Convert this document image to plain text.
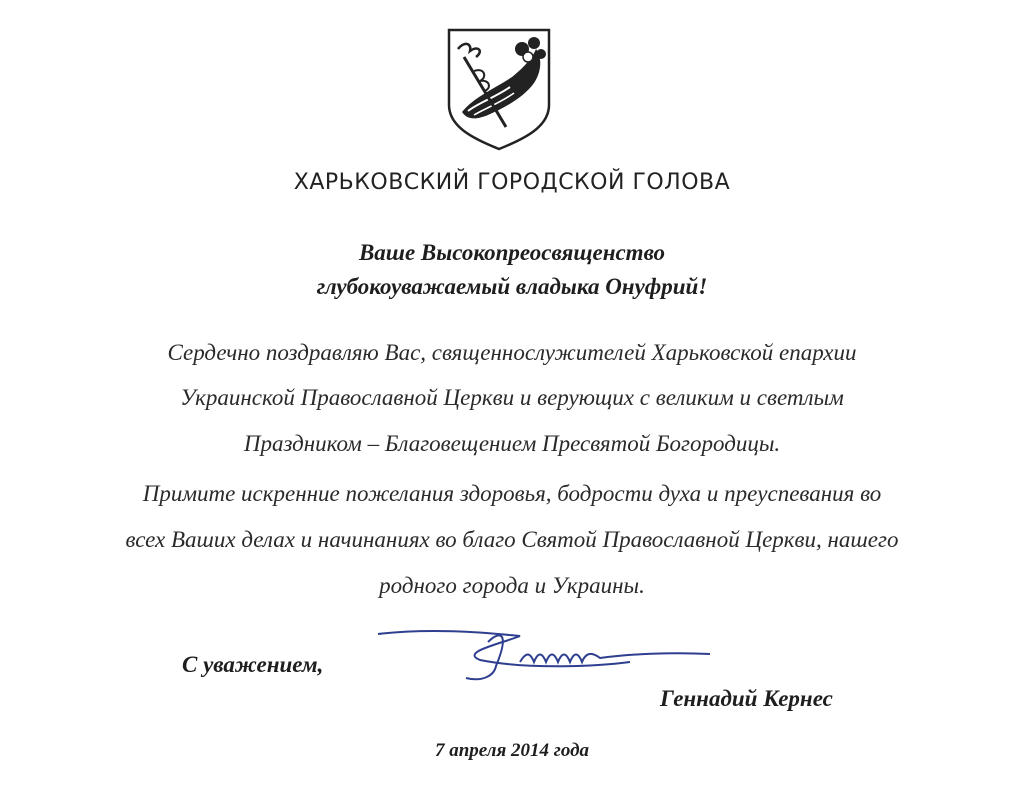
ХАРЬКОВСКИЙ ГОРОДСКОЙ ГОЛОВА
Ваше Высокопреосвященство
глубокоуважаемый владыка Онуфрий!
Сердечно поздравляю Вас, священнослужителей Харьковской епархии
Украинской Православной Церкви и верующих с великим и светлым
Праздником – Благовещением Пресвятой Богородицы.
Примите искренние пожелания здоровья, бодрости духа и преуспевания во
всех Ваших делах и начинаниях во благо Святой Православной Церкви, нашего
родного города и Украины.
С уважением,
Геннадий Кернес
7 апреля 2014 года
